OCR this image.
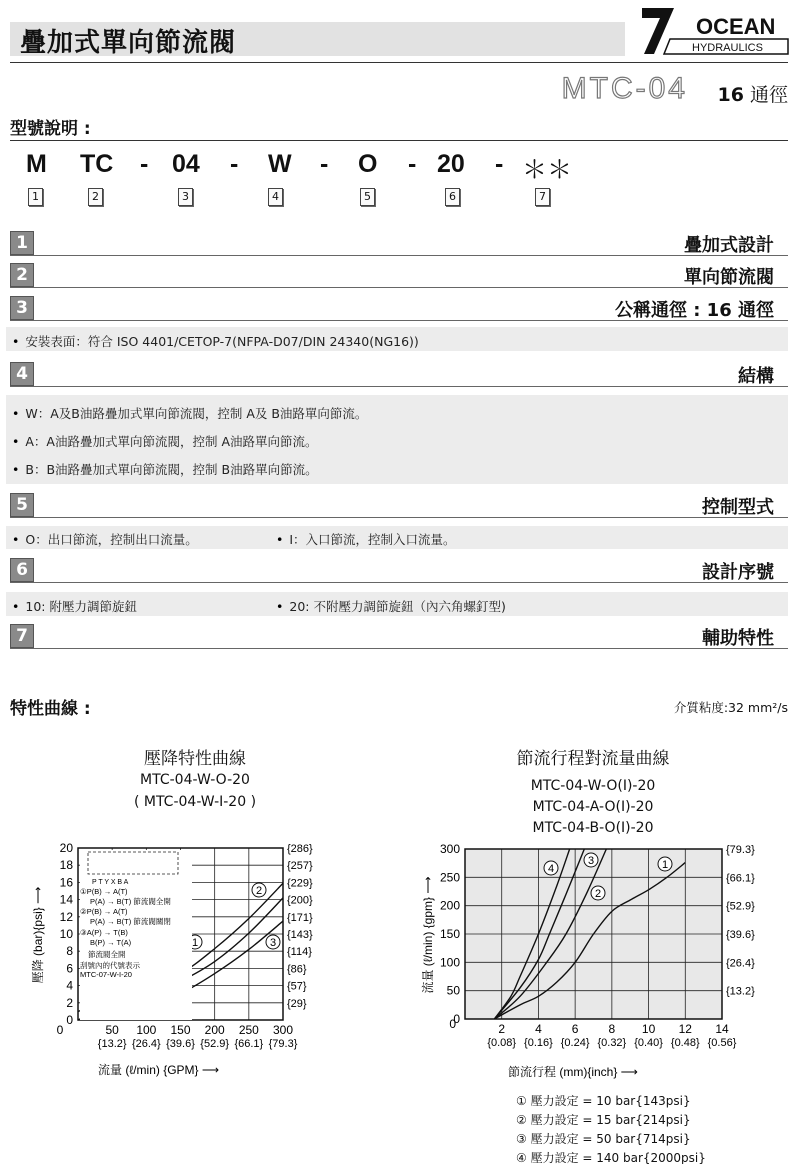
疊加式單向節流閥
OCEAN
HYDRAULICS
MTC-04 16 通徑
型號說明 :
M TC - 04 - W - O - 20 - ＊＊
1	2	3	4	5	6	7
1	疊加式設計
2	單向節流閥
3	公稱通徑 : 16 通徑
• 安裝表面：符合 ISO 4401/CETOP-7(NFPA-D07/DIN 24340(NG16))
4	結構
• W：A及B油路疊加式單向節流閥，控制 A及 B油路單向節流。
• A：A油路疊加式單向節流閥，控制 A油路單向節流。
• B：B油路疊加式單向節流閥，控制 B油路單向節流。
5	控制型式
• O：出口節流，控制出口流量。	• I：入口節流，控制入口流量。
6	設計序號
• 10: 附壓力調節旋鈕	• 20: 不附壓力調節旋鈕（內六角螺釘型)
7	輔助特性
特性曲線 :	介質粘度:32 mm²/s
壓降特性曲線
MTC-04-W-O-20
( MTC-04-W-I-20 )
節流行程對流量曲線
MTC-04-W-O(I)-20
MTC-04-A-O(I)-20
MTC-04-B-O(I)-20
0	50 100 150 200 250 300
{13.2} {26.4} {39.6} {52.9} {66.1} {79.3}
0
2
4
6
8
10
12
14
16
18
20
{29}
{57}
{86}
{114}
{143}
{171}
{200}
{229}
{257}
{286}
1
2
3
流量 (ℓ/min) {GPM} ⟶
壓降 (bar){psi} ⟶
P T Y X B A
①P(B) → A(T)
P(A) → B(T) 節流閥全開
②P(B) → A(T)
P(A) → B(T) 節流閥關閉
③A(P) → T(B)
B(P) → T(A)
節流閥全開
刮號內的代號表示
MTC-07-W-I-20
2	4	6	8 10 12 14
{0.08} {0.16} {0.24} {0.32} {0.40} {0.48} {0.56}
0
50
100
150
200
250
300
{13.2}
{26.4}
{39.6}
{52.9}
{66.1}
{79.3}
1
2
3
4
節流行程 (mm){inch} ⟶
流量 (ℓ/min) {gpm} ⟶
0
① 壓力設定 = 10 bar{143psi}
② 壓力設定 = 15 bar{214psi}
③ 壓力設定 = 50 bar{714psi}
④ 壓力設定 = 140 bar{2000psi}
